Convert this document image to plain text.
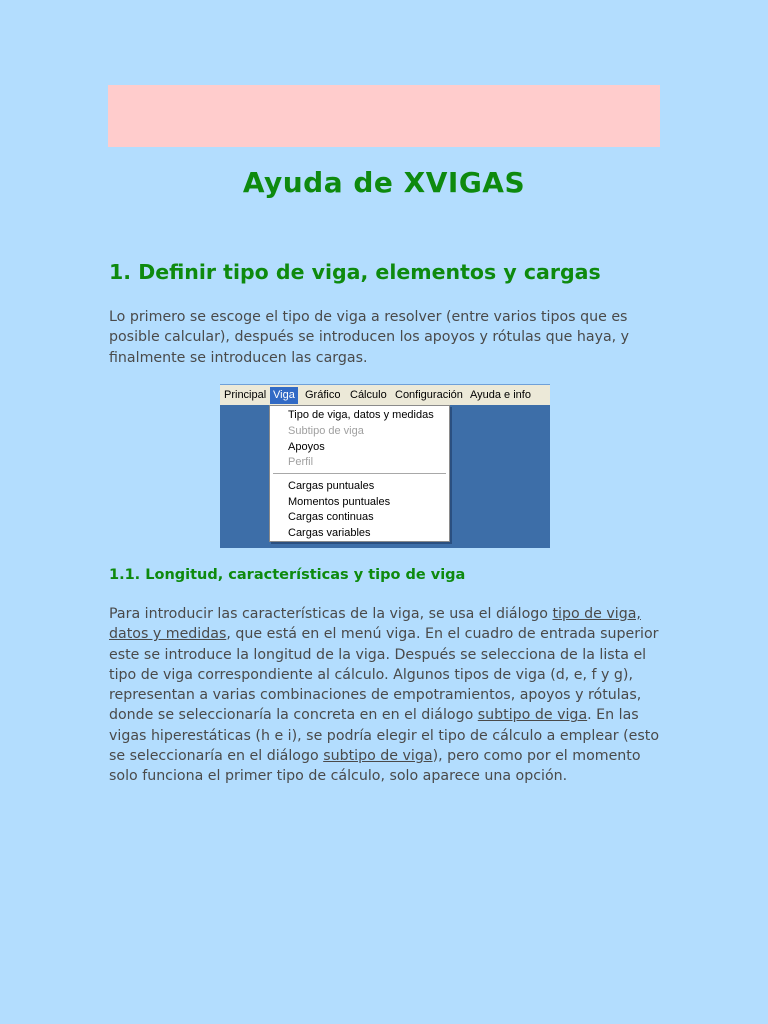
Ayuda de XVIGAS
1. Definir tipo de viga, elementos y cargas

Lo primero se escoge el tipo de viga a resolver (entre varios tipos que es posible calcular), después se introducen los apoyos y rótulas que haya, y finalmente se introducen las cargas.

Principal Viga Gráfico Cálculo Configuración Ayuda e info
Tipo de viga, datos y medidas
Subtipo de viga
Apoyos
Perfil
Cargas puntuales
Momentos puntuales
Cargas continuas
Cargas variables
1.1. Longitud, características y tipo de viga

Para introducir las características de la viga, se usa el diálogo tipo de viga, datos y medidas, que está en el menú viga. En el cuadro de entrada superior este se introduce la longitud de la viga. Después se selecciona de la lista el tipo de viga correspondiente al cálculo. Algunos tipos de viga (d, e, f y g), representan a varias combinaciones de empotramientos, apoyos y rótulas, donde se seleccionaría la concreta en en el diálogo subtipo de viga. En las vigas hiperestáticas (h e i), se podría elegir el tipo de cálculo a emplear (esto se seleccionaría en el diálogo subtipo de viga), pero como por el momento solo funciona el primer tipo de cálculo, solo aparece una opción.
